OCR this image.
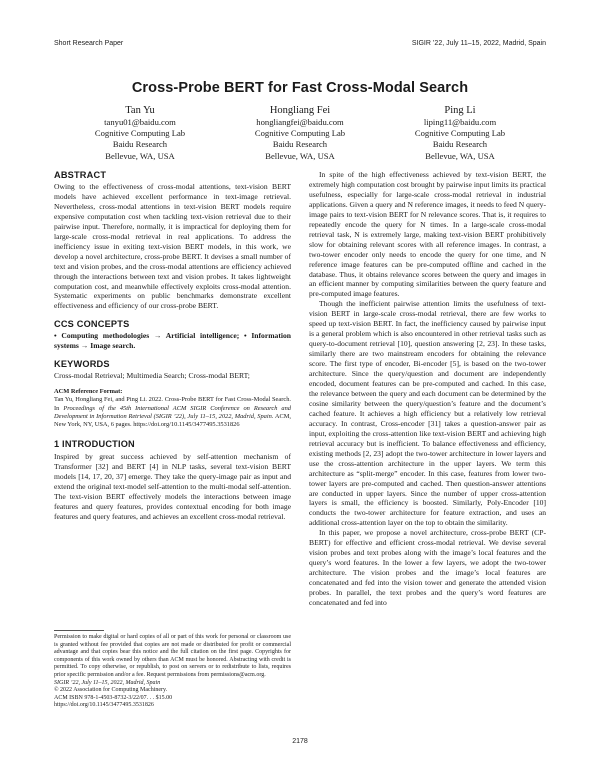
Short Research Paper	SIGIR ’22, July 11–15, 2022, Madrid, Spain
Cross-Probe BERT for Fast Cross-Modal Search
Tan Yu
tanyu01@baidu.com
Cognitive Computing Lab
Baidu Research
Bellevue, WA, USA
Hongliang Fei
hongliangfei@baidu.com
Cognitive Computing Lab
Baidu Research
Bellevue, WA, USA
Ping Li
liping11@baidu.com
Cognitive Computing Lab
Baidu Research
Bellevue, WA, USA
ABSTRACT

Owing to the effectiveness of cross-modal attentions, text-vision BERT models have achieved excellent performance in text-image retrieval. Nevertheless, cross-modal attentions in text-vision BERT models require expensive computation cost when tackling text-vision retrieval due to their pairwise input. Therefore, normally, it is impractical for deploying them for large-scale cross-modal retrieval in real applications. To address the inefficiency issue in exiting text-vision BERT models, in this work, we develop a novel architecture, cross-probe BERT. It devises a small number of text and vision probes, and the cross-modal attentions are efficiency achieved through the interactions between text and vision probes. It takes lightweight computation cost, and meanwhile effectively exploits cross-modal attention. Systematic experiments on public benchmarks demonstrate excellent effectiveness and efficiency of our cross-probe BERT.

CCS CONCEPTS

• Computing methodologies → Artificial intelligence; • Information systems → Image search.

KEYWORDS

Cross-modal Retrieval; Multimedia Search; Cross-modal BERT;

ACM Reference Format:

Tan Yu, Hongliang Fei, and Ping Li. 2022. Cross-Probe BERT for Fast Cross-Modal Search. In Proceedings of the 45th International ACM SIGIR Conference on Research and Development in Information Retrieval (SIGIR ’22), July 11–15, 2022, Madrid, Spain. ACM, New York, NY, USA, 6 pages. https://doi.org/10.1145/3477495.3531826

1 INTRODUCTION

Inspired by great success achieved by self-attention mechanism of Transformer [32] and BERT [4] in NLP tasks, several text-vision BERT models [14, 17, 20, 37] emerge. They take the query-image pair as input and extend the original text-model self-attention to the multi-modal self-attention. The text-vision BERT effectively models the interactions between image features and query features, provides contextual encoding for both image features and query features, and achieves an excellent cross-modal retrieval.

Permission to make digital or hard copies of all or part of this work for personal or classroom use is granted without fee provided that copies are not made or distributed for profit or commercial advantage and that copies bear this notice and the full citation on the first page. Copyrights for components of this work owned by others than ACM must be honored. Abstracting with credit is permitted. To copy otherwise, or republish, to post on servers or to redistribute to lists, requires prior specific permission and/or a fee. Request permissions from permissions@acm.org.

SIGIR ’22, July 11–15, 2022, Madrid, Spain

© 2022 Association for Computing Machinery.

ACM ISBN 978-1-4503-8732-3/22/07. . . $15.00

https://doi.org/10.1145/3477495.3531826

In spite of the high effectiveness achieved by text-vision BERT, the extremely high computation cost brought by pairwise input limits its practical usefulness, especially for large-scale cross-modal retrieval in industrial applications. Given a query and N reference images, it needs to feed N query-image pairs to text-vision BERT for N relevance scores. That is, it requires to repeatedly encode the query for N times. In a large-scale cross-modal retrieval task, N is extremely large, making text-vision BERT prohibitively slow for obtaining relevant scores with all reference images. In contrast, a two-tower encoder only needs to encode the query for one time, and N reference image features can be pre-computed offline and cached in the database. Thus, it obtains relevance scores between the query and images in an efficient manner by computing similarities between the query feature and pre-computed image features.

Though the inefficient pairwise attention limits the usefulness of text-vision BERT in large-scale cross-modal retrieval, there are few works to speed up text-vision BERT. In fact, the inefficiency caused by pairwise input is a general problem which is also encountered in other retrieval tasks such as query-to-document retrieval [10], question answering [2, 23]. In these tasks, similarly there are two mainstream encoders for obtaining the relevance score. The first type of encoder, Bi-encoder [5], is based on the two-tower architecture. Since the query/question and document are independently encoded, document features can be pre-computed and cached. In this case, the relevance between the query and each document can be determined by the cosine similarity between the query/question’s feature and the document’s cached feature. It achieves a high efficiency but a relatively low retrieval accuracy. In contrast, Cross-encoder [31] takes a question-answer pair as input, exploiting the cross-attention like text-vision BERT and achieving high retrieval accuracy but is inefficient. To balance effectiveness and efficiency, existing methods [2, 23] adopt the two-tower architecture in lower layers and use the cross-attention architecture in the upper layers. We term this architecture as “split-merge” encoder. In this case, features from lower two-tower layers are pre-computed and cached. Then question-answer attentions are conducted in upper layers. Since the number of upper cross-attention layers is small, the efficiency is boosted. Similarly, Poly-Encoder [10] conducts the two-tower architecture for feature extraction, and uses an additional cross-attention layer on the top to obtain the similarity.

In this paper, we propose a novel architecture, cross-probe BERT (CP-BERT) for effective and efficient cross-modal retrieval. We devise several vision probes and text probes along with the image’s local features and the query’s word features. In the lower a few layers, we adopt the two-tower architecture. The vision probes and the image’s local features are concatenated and fed into the vision tower and generate the attended vision probes. In parallel, the text probes and the query’s word features are concatenated and fed into

2178
